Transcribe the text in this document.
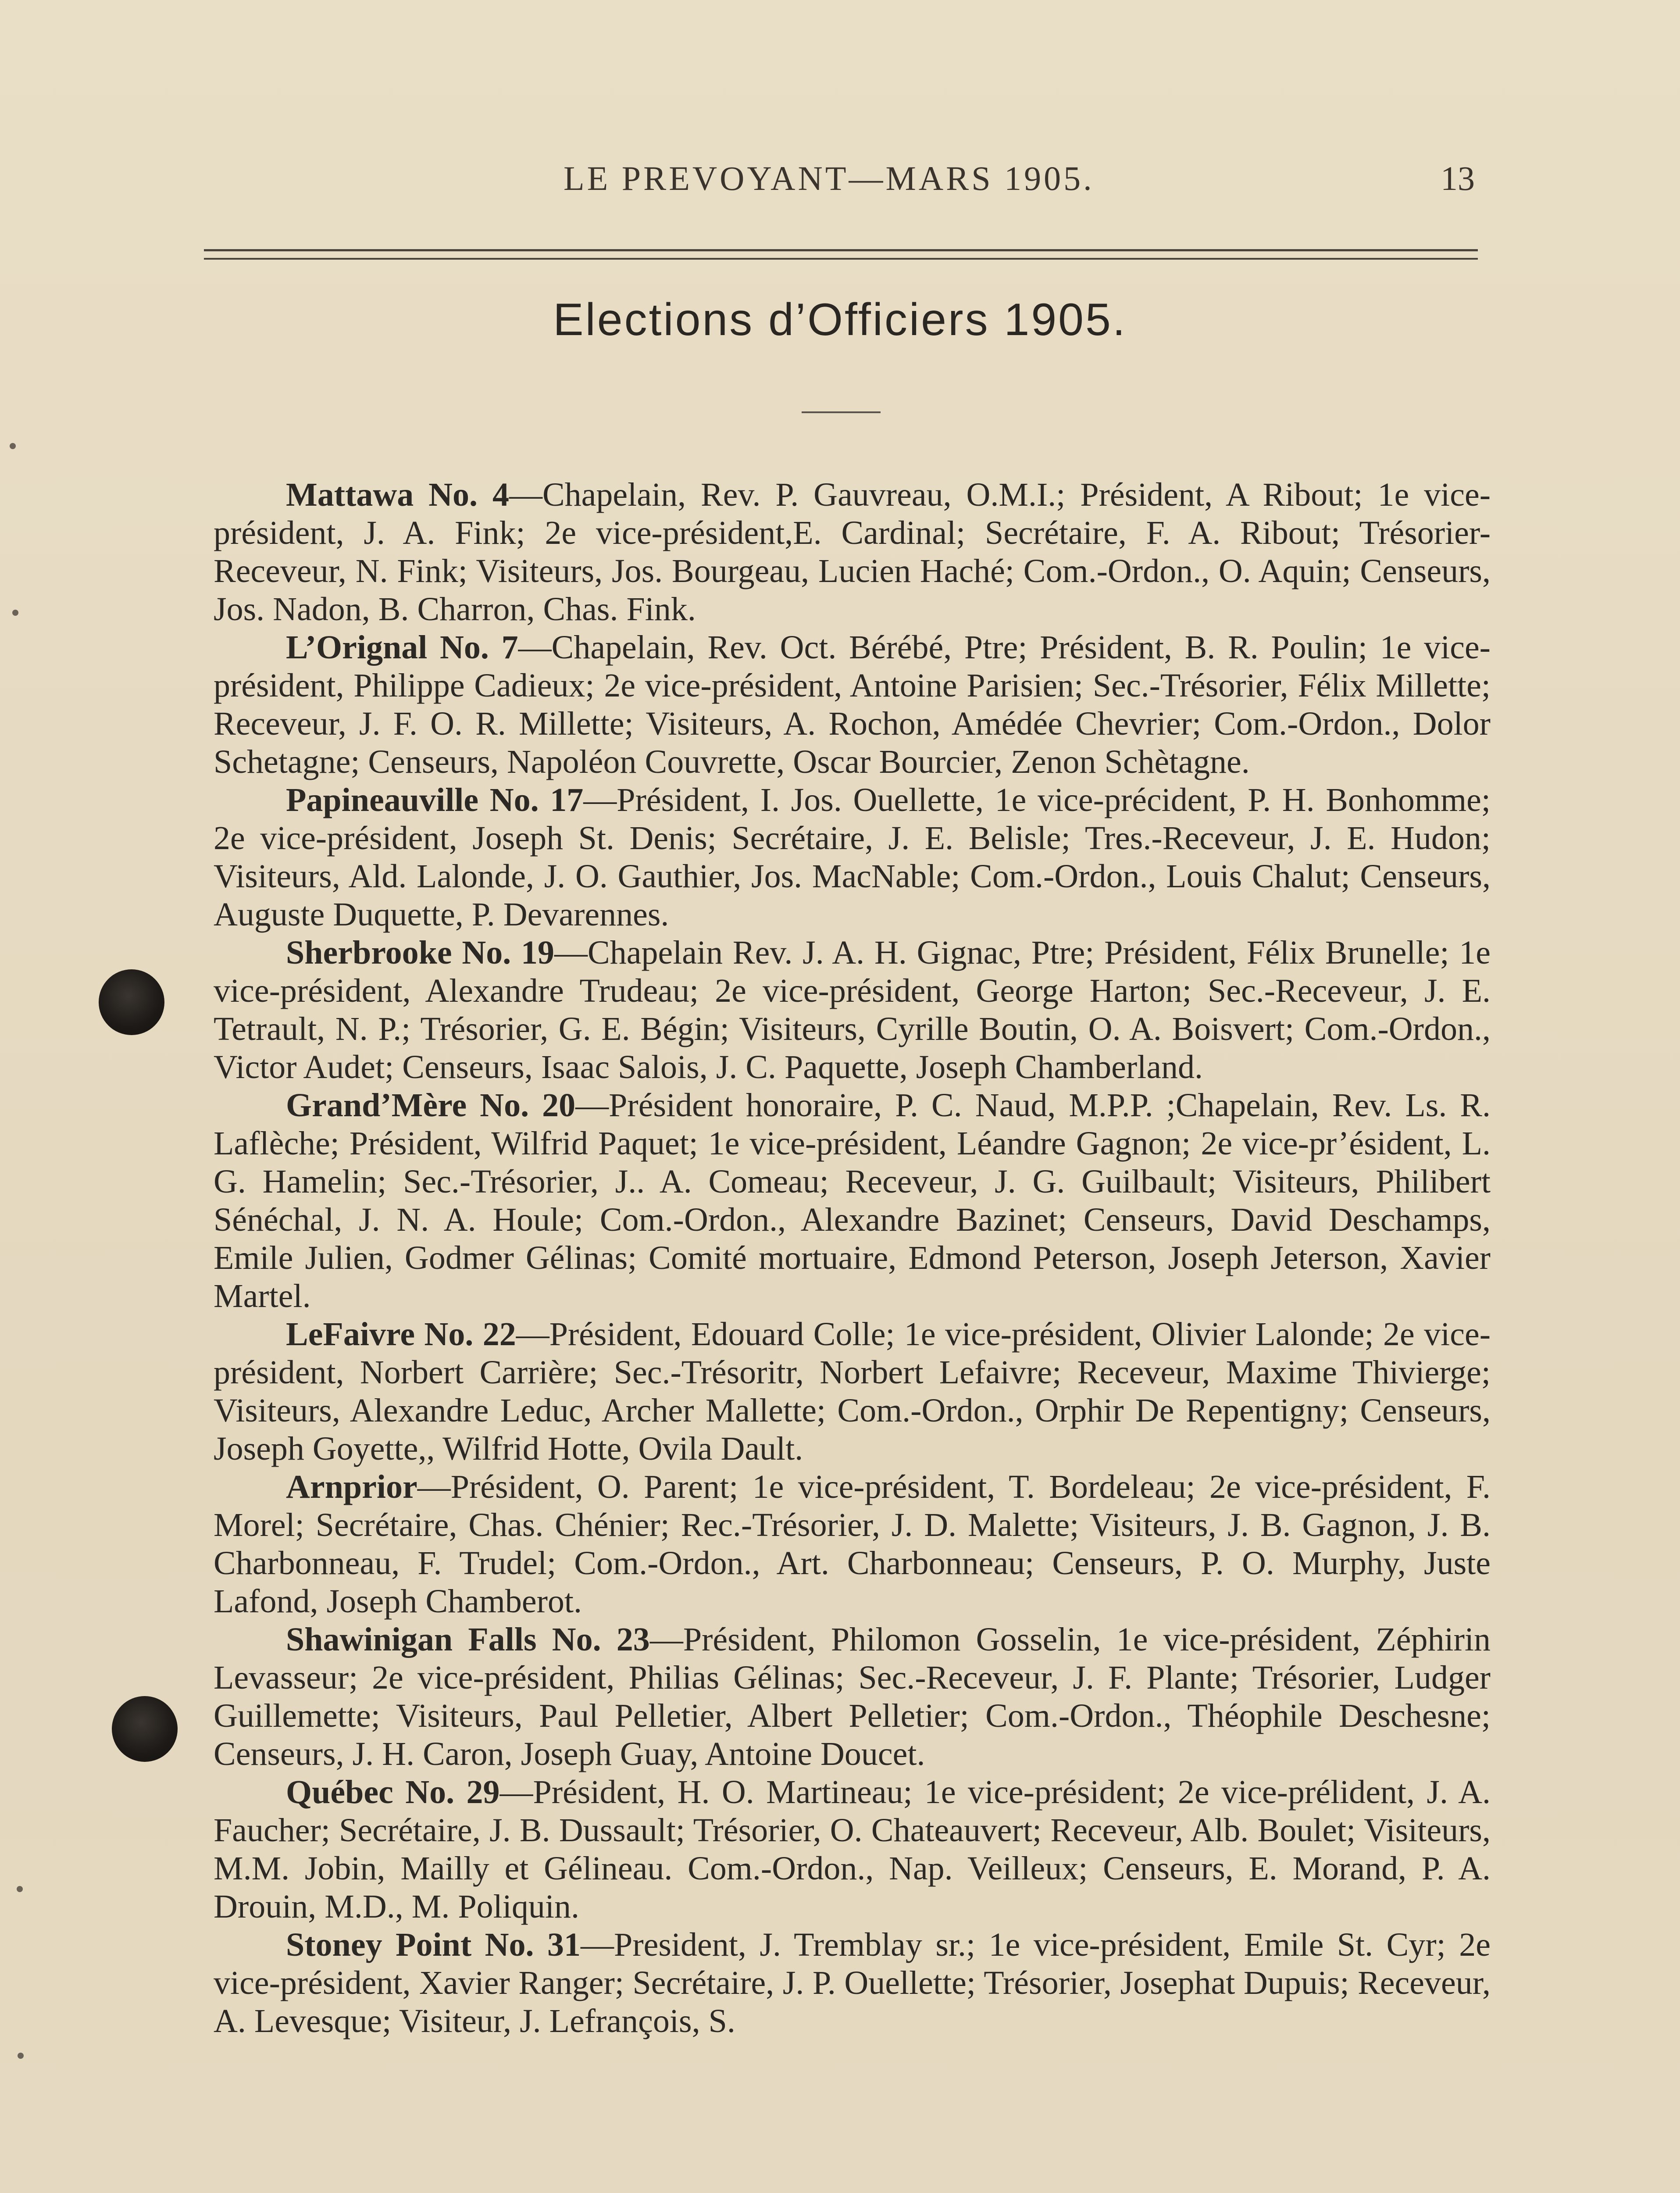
LE PREVOYANT—MARS 1905.	13
Elections d’Officiers 1905.

Mattawa No. 4—Chapelain, Rev. P. Gauvreau, O.M.I.; Président, A Ribout; 1e vice-président, J. A. Fink; 2e vice-président,E. Cardinal; Secrétaire, F. A. Ribout; Trésorier-Receveur, N. Fink; Visiteurs, Jos. Bourgeau, Lucien Haché; Com.-Ordon., O. Aquin; Censeurs, Jos. Nadon, B. Charron, Chas. Fink.

L’Orignal No. 7—Chapelain, Rev. Oct. Bérébé, Ptre; Président, B. R. Poulin; 1e vice-président, Philippe Cadieux; 2e vice-président, Antoine Parisien; Sec.-Trésorier, Félix Millette; Receveur, J. F. O. R. Millette; Visiteurs, A. Rochon, Amédée Chevrier; Com.-Ordon., Dolor Schetagne; Censeurs, Napoléon Couvrette, Oscar Bourcier, Zenon Schètagne.

Papineauville No. 17—Président, I. Jos. Ouellette, 1e vice-précident, P. H. Bonhomme; 2e vice-président, Joseph St. Denis; Secrétaire, J. E. Belisle; Tres.-Receveur, J. E. Hudon; Visiteurs, Ald. Lalonde, J. O. Gauthier, Jos. MacNable; Com.-Ordon., Louis Chalut; Censeurs, Auguste Duquette, P. Devarennes.

Sherbrooke No. 19—Chapelain Rev. J. A. H. Gignac, Ptre; Président, Félix Brunelle; 1e vice-président, Alexandre Trudeau; 2e vice-président, George Harton; Sec.-Receveur, J. E. Tetrault, N. P.; Trésorier, G. E. Bégin; Visiteurs, Cyrille Boutin, O. A. Boisvert; Com.-Ordon., Victor Audet; Censeurs, Isaac Salois, J. C. Paquette, Joseph Chamberland.

Grand’Mère No. 20—Président honoraire, P. C. Naud, M.P.P. ;Chapelain, Rev. Ls. R. Laflèche; Président, Wilfrid Paquet; 1e vice-président, Léandre Gagnon; 2e vice-pr’ésident, L. G. Hamelin; Sec.-Trésorier, J.. A. Comeau; Receveur, J. G. Guilbault; Visiteurs, Philibert Sénéchal, J. N. A. Houle; Com.-Ordon., Alexandre Bazinet; Censeurs, David Deschamps, Emile Julien, Godmer Gélinas; Comité mortuaire, Edmond Peterson, Joseph Jeterson, Xavier Martel.

LeFaivre No. 22—Président, Edouard Colle; 1e vice-président, Olivier Lalonde; 2e vice-président, Norbert Carrière; Sec.-Trésoritr, Norbert Lefaivre; Receveur, Maxime Thivierge; Visiteurs, Alexandre Leduc, Archer Mallette; Com.-Ordon., Orphir De Repentigny; Censeurs, Joseph Goyette,, Wilfrid Hotte, Ovila Dault.

Arnprior—Président, O. Parent; 1e vice-président, T. Bordeleau; 2e vice-président, F. Morel; Secrétaire, Chas. Chénier; Rec.-Trésorier, J. D. Malette; Visiteurs, J. B. Gagnon, J. B. Charbonneau, F. Trudel; Com.-Ordon., Art. Charbonneau; Censeurs, P. O. Murphy, Juste Lafond, Joseph Chamberot.

Shawinigan Falls No. 23—Président, Philomon Gosselin, 1e vice-président, Zéphirin Levasseur; 2e vice-président, Philias Gélinas; Sec.-Receveur, J. F. Plante; Trésorier, Ludger Guillemette; Visiteurs, Paul Pelletier, Albert Pelletier; Com.-Ordon., Théophile Deschesne; Censeurs, J. H. Caron, Joseph Guay, Antoine Doucet.

Québec No. 29—Président, H. O. Martineau; 1e vice-président; 2e vice-prélident, J. A. Faucher; Secrétaire, J. B. Dussault; Trésorier, O. Chateauvert; Receveur, Alb. Boulet; Visiteurs, M.M. Jobin, Mailly et Gélineau. Com.-Ordon., Nap. Veilleux; Censeurs, E. Morand, P. A. Drouin, M.D., M. Poliquin.

Stoney Point No. 31—President, J. Tremblay sr.; 1e vice-président, Emile St. Cyr; 2e vice-président, Xavier Ranger; Secrétaire, J. P. Ouellette; Trésorier, Josephat Dupuis; Receveur, A. Levesque; Visiteur, J. Lefrançois, S.
